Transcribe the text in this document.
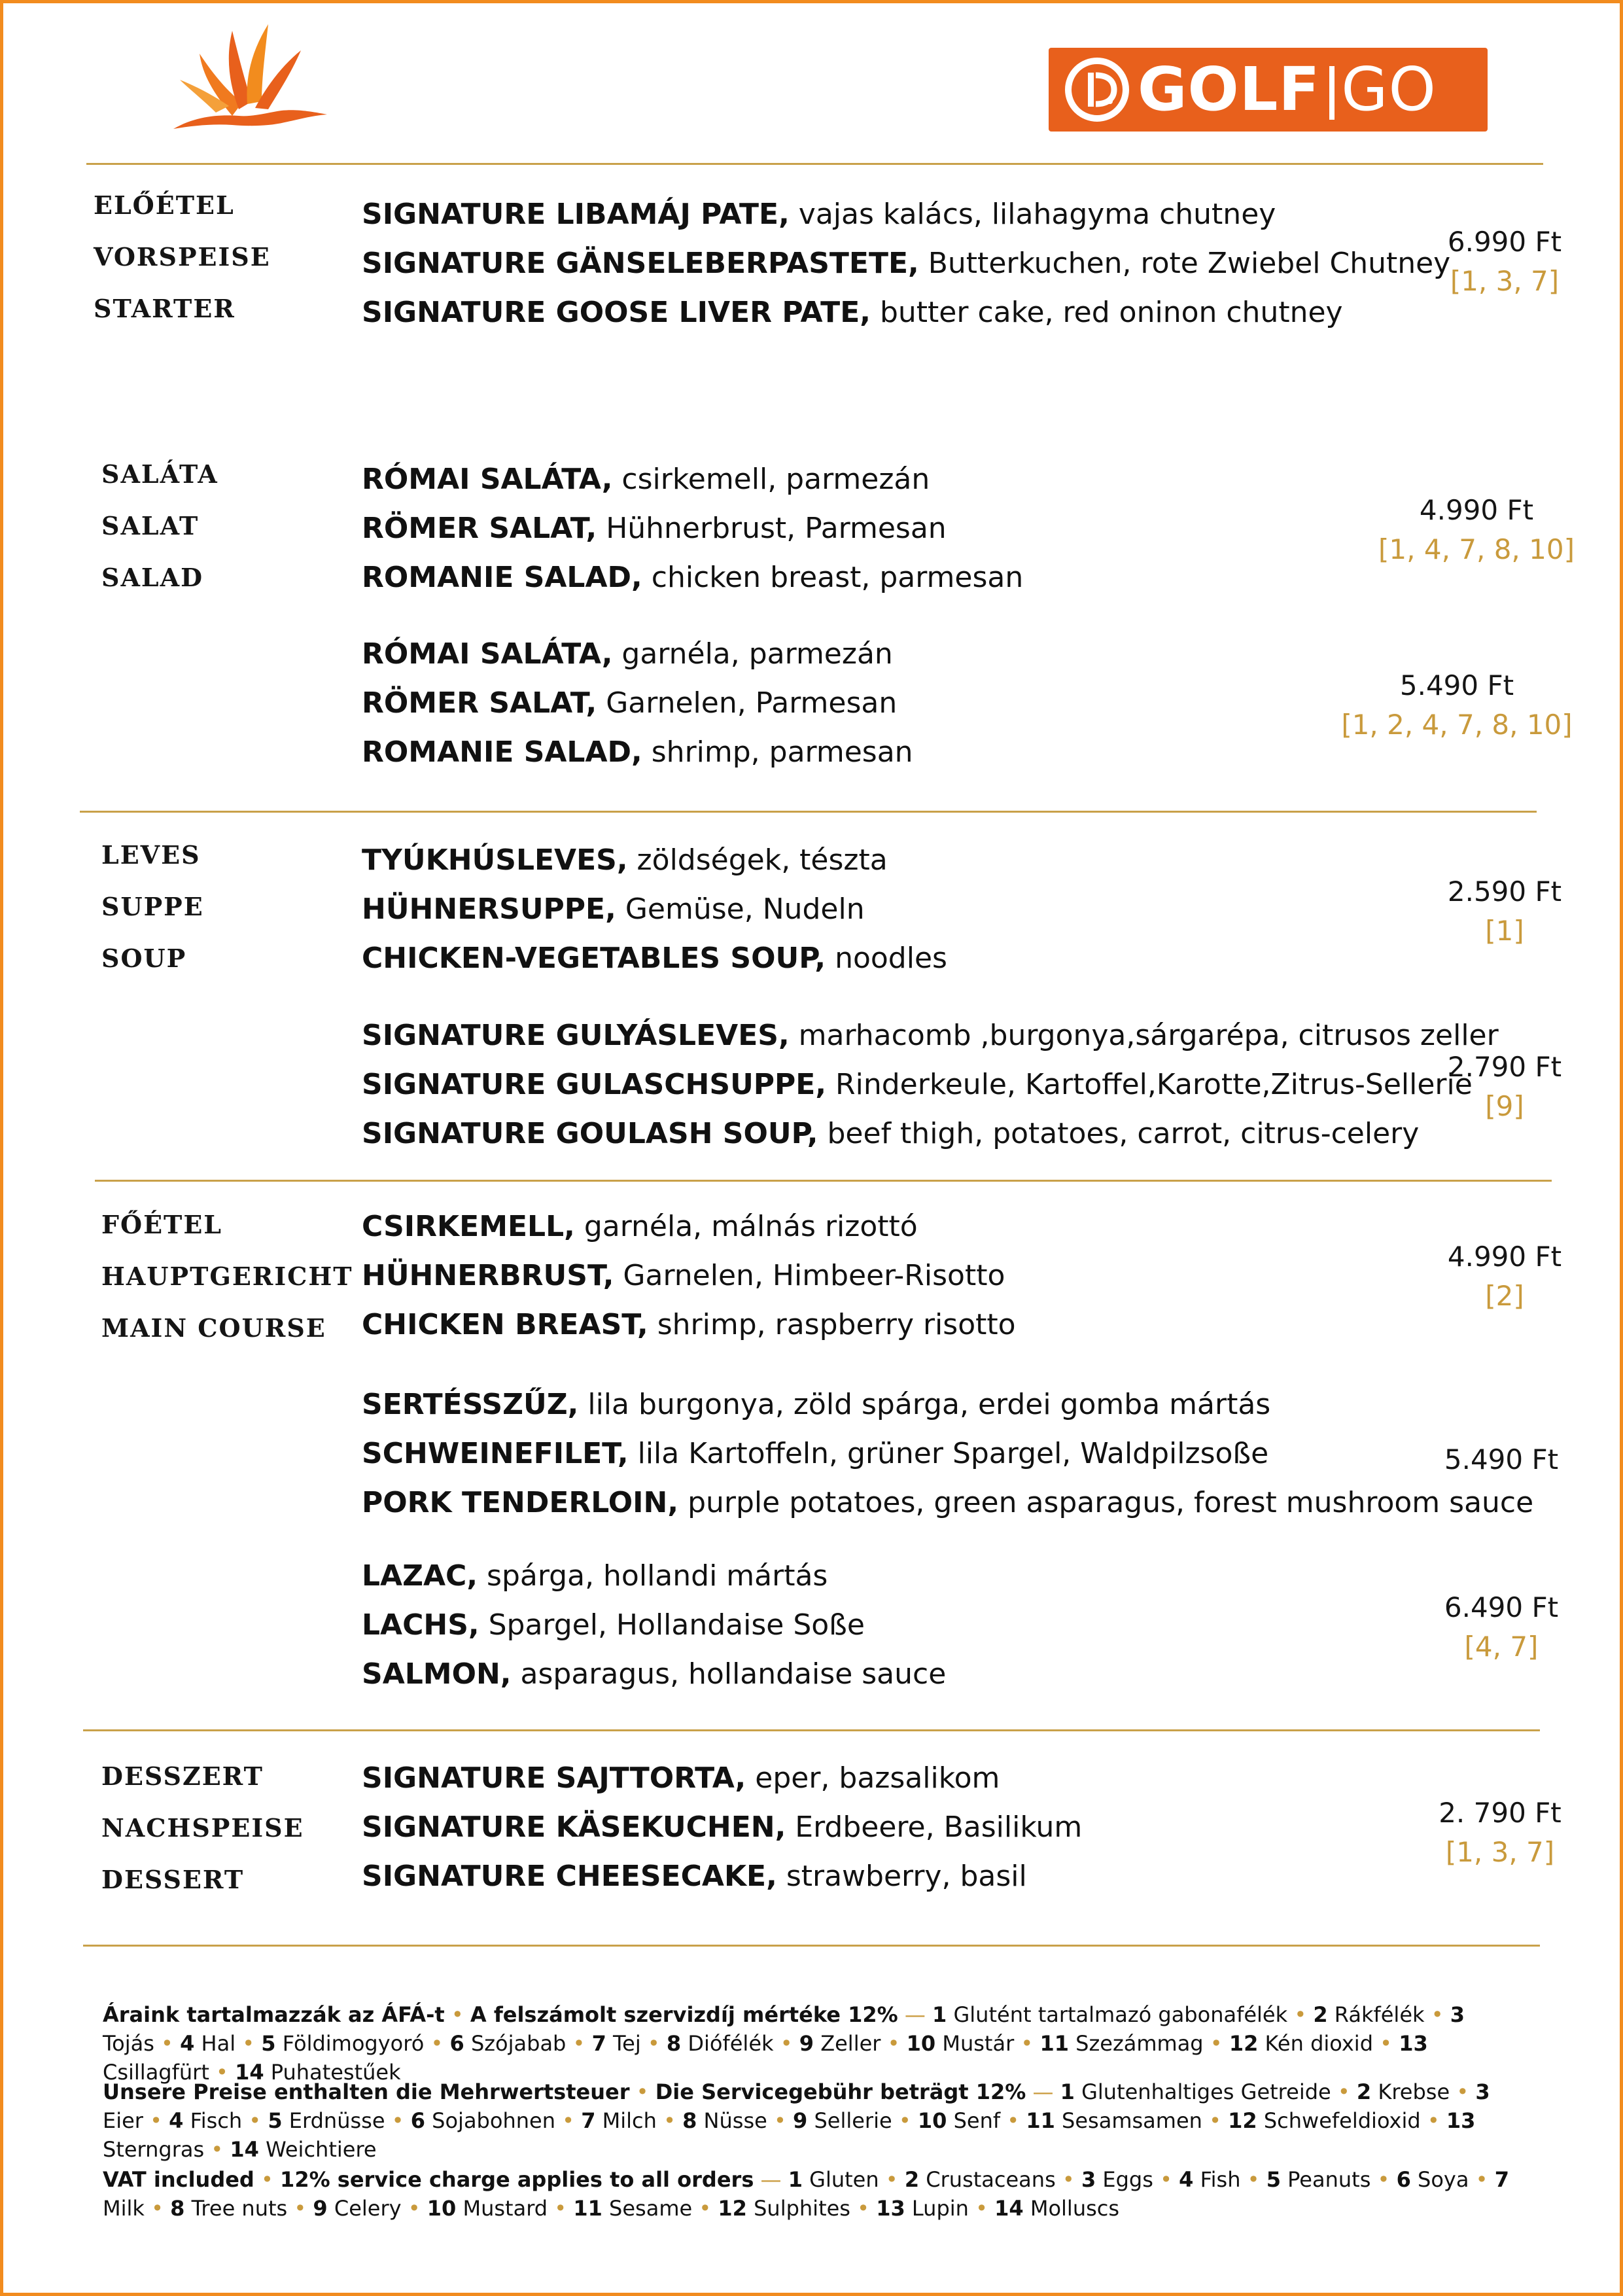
GOLF GO
ELŐÉTEL
VORSPEISE
STARTER
SIGNATURE LIBAMÁJ PATE, vajas kalács, lilahagyma chutney
SIGNATURE GÄNSELEBERPASTETE, Butterkuchen, rote Zwiebel Chutney
SIGNATURE GOOSE LIVER PATE, butter cake, red oninon chutney
6.990 Ft
[1, 3, 7]
SALÁTA
SALAT
SALAD
RÓMAI SALÁTA, csirkemell, parmezán
RÖMER SALAT, Hühnerbrust, Parmesan
ROMANIE SALAD, chicken breast, parmesan
4.990 Ft
[1, 4, 7, 8, 10]
RÓMAI SALÁTA, garnéla, parmezán
RÖMER SALAT, Garnelen, Parmesan
ROMANIE SALAD, shrimp, parmesan
5.490 Ft
[1, 2, 4, 7, 8, 10]
LEVES
SUPPE
SOUP
TYÚKHÚSLEVES, zöldségek, tészta
HÜHNERSUPPE, Gemüse, Nudeln
CHICKEN-VEGETABLES SOUP, noodles
2.590 Ft
[1]
SIGNATURE GULYÁSLEVES, marhacomb ,burgonya,sárgarépa, citrusos zeller
SIGNATURE GULASCHSUPPE, Rinderkeule, Kartoffel,Karotte,Zitrus-Sellerie
SIGNATURE GOULASH SOUP, beef thigh, potatoes, carrot, citrus-celery
2.790 Ft
[9]
FŐÉTEL
HAUPTGERICHT
MAIN COURSE
CSIRKEMELL, garnéla, málnás rizottó
HÜHNERBRUST, Garnelen, Himbeer-Risotto
CHICKEN BREAST, shrimp, raspberry risotto
4.990 Ft
[2]
SERTÉSSZŰZ, lila burgonya, zöld spárga, erdei gomba mártás
SCHWEINEFILET, lila Kartoffeln, grüner Spargel, Waldpilzsoße
PORK TENDERLOIN, purple potatoes, green asparagus, forest mushroom sauce
5.490 Ft
LAZAC, spárga, hollandi mártás
LACHS, Spargel, Hollandaise Soße
SALMON, asparagus, hollandaise sauce
6.490 Ft
[4, 7]
DESSZERT
NACHSPEISE
DESSERT
SIGNATURE SAJTTORTA, eper, bazsalikom
SIGNATURE KÄSEKUCHEN, Erdbeere, Basilikum
SIGNATURE CHEESECAKE, strawberry, basil
2. 790 Ft
[1, 3, 7]
Áraink tartalmazzák az ÁFÁ-t • A felszámolt szervizdíj mértéke 12% — 1 Glutént tartalmazó gabonafélék • 2 Rákfélék • 3 Tojás • 4 Hal • 5 Földimogyoró • 6 Szójabab • 7 Tej • 8 Diófélék • 9 Zeller • 10 Mustár • 11 Szezámmag • 12 Kén dioxid • 13 Csillagfürt • 14 Puhatestűek
Unsere Preise enthalten die Mehrwertsteuer • Die Servicegebühr beträgt 12% — 1 Glutenhaltiges Getreide • 2 Krebse • 3 Eier • 4 Fisch • 5 Erdnüsse • 6 Sojabohnen • 7 Milch • 8 Nüsse • 9 Sellerie • 10 Senf • 11 Sesamsamen • 12 Schwefeldioxid • 13 Sterngras • 14 Weichtiere
VAT included • 12% service charge applies to all orders — 1 Gluten • 2 Crustaceans • 3 Eggs • 4 Fish • 5 Peanuts • 6 Soya • 7 Milk • 8 Tree nuts • 9 Celery • 10 Mustard • 11 Sesame • 12 Sulphites • 13 Lupin • 14 Molluscs
